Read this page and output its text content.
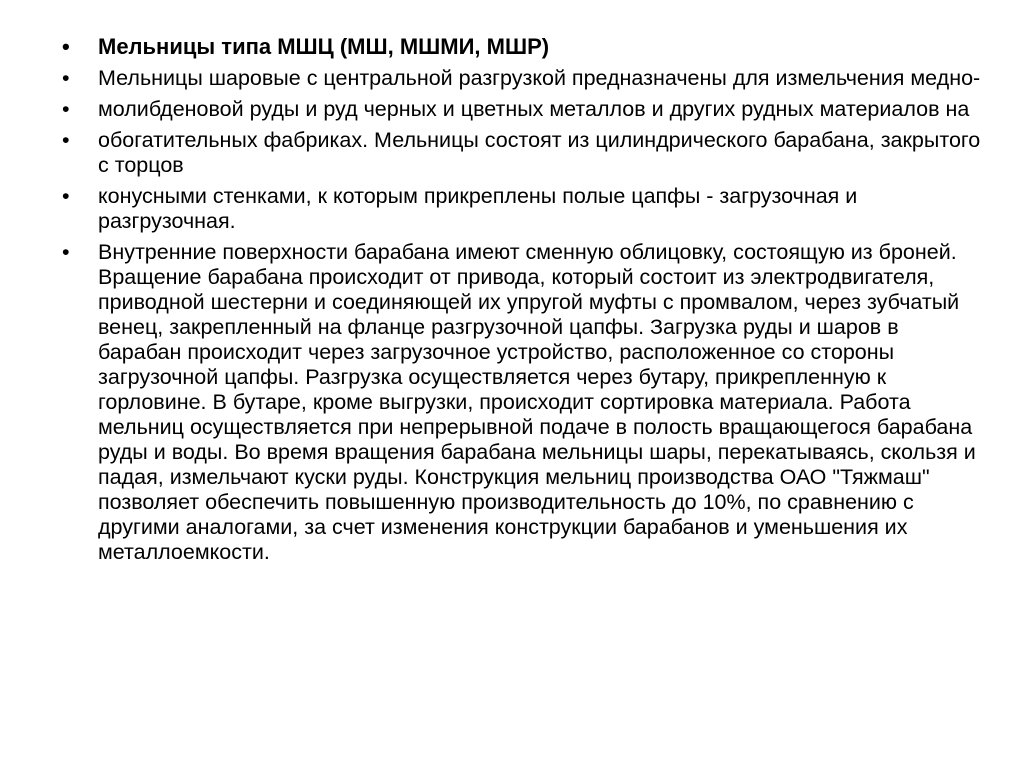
•	Мельницы типа МШЦ (МШ, МШМИ, МШР)
•	Мельницы шаровые с центральной разгрузкой предназначены для измельчения медно-
•	молибденовой руды и руд черных и цветных металлов и других рудных материалов на
•	обогатительных фабриках. Мельницы состоят из цилиндрического барабана, закрытого с торцов
•	конусными стенками, к которым прикреплены полые цапфы - загрузочная и разгрузочная.
•	Внутренние поверхности барабана имеют сменную облицовку, состоящую из броней. Вращение барабана происходит от привода, который состоит из электродвигателя, приводной шестерни и соединяющей их упругой муфты с промвалом, через зубчатый венец, закрепленный на фланце разгрузочной цапфы. Загрузка руды и шаров в барабан происходит через загрузочное устройство, расположенное со стороны загрузочной цапфы. Разгрузка осуществляется через бутару, прикрепленную к горловине. В бутаре, кроме выгрузки, происходит сортировка материала. Работа мельниц осуществляется при непрерывной подаче в полость вращающегося барабана руды и воды. Во время вращения барабана мельницы шары, перекатываясь, скользя и падая, измельчают куски руды. Конструкция мельниц производства ОАО "Тяжмаш" позволяет обеспечить повышенную производительность до 10%, по сравнению с другими аналогами, за счет изменения конструкции барабанов и уменьшения их металлоемкости.
